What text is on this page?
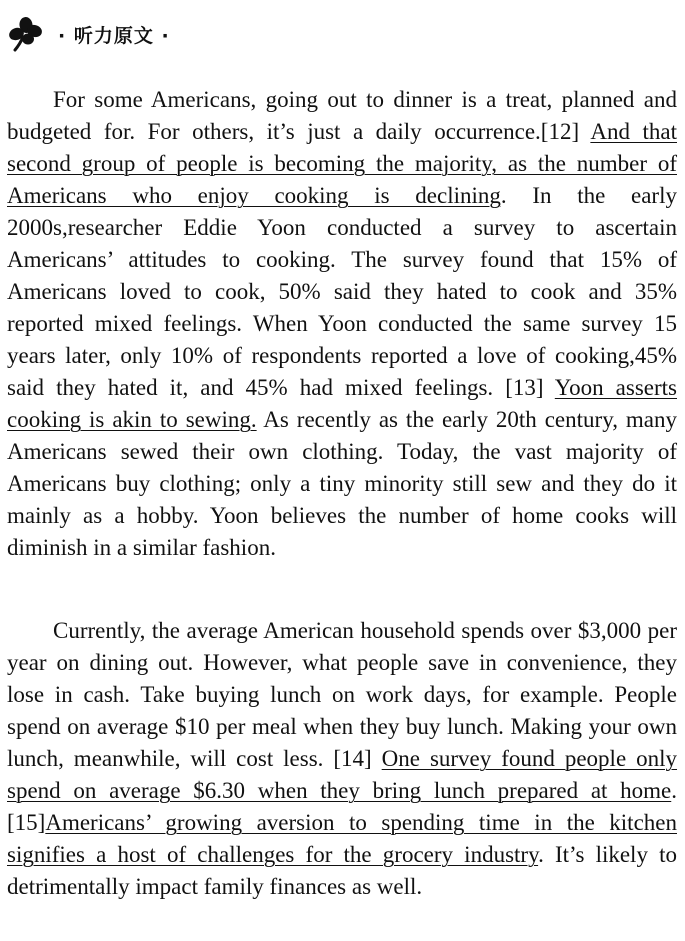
· 听力原文 ·

For some Americans, going out to dinner is a treat, planned and budgeted for. For others, it’s just a daily occurrence.[12] And that second group of people is becoming the majority, as the number of Americans who enjoy cooking is declining. In the early 2000s,researcher Eddie Yoon conducted a survey to ascertain Americans’ attitudes to cooking. The survey found that 15% of Americans loved to cook, 50% said they hated to cook and 35% reported mixed feelings. When Yoon conducted the same survey 15 years later, only 10% of respondents reported a love of cooking,45% said they hated it, and 45% had mixed feelings. [13] Yoon asserts cooking is akin to sewing. As recently as the early 20th century, many Americans sewed their own clothing. Today, the vast majority of Americans buy clothing; only a tiny minority still sew and they do it mainly as a hobby. Yoon believes the number of home cooks will diminish in a similar fashion.

Currently, the average American household spends over $3,000 per year on dining out. However, what people save in convenience, they lose in cash. Take buying lunch on work days, for example. People spend on average $10 per meal when they buy lunch. Making your own lunch, meanwhile, will cost less. [14] One survey found people only spend on average $6.30 when they bring lunch prepared at home.[15]Americans’ growing aversion to spending time in the kitchen signifies a host of challenges for the grocery industry. It’s likely to detrimentally impact family finances as well.
